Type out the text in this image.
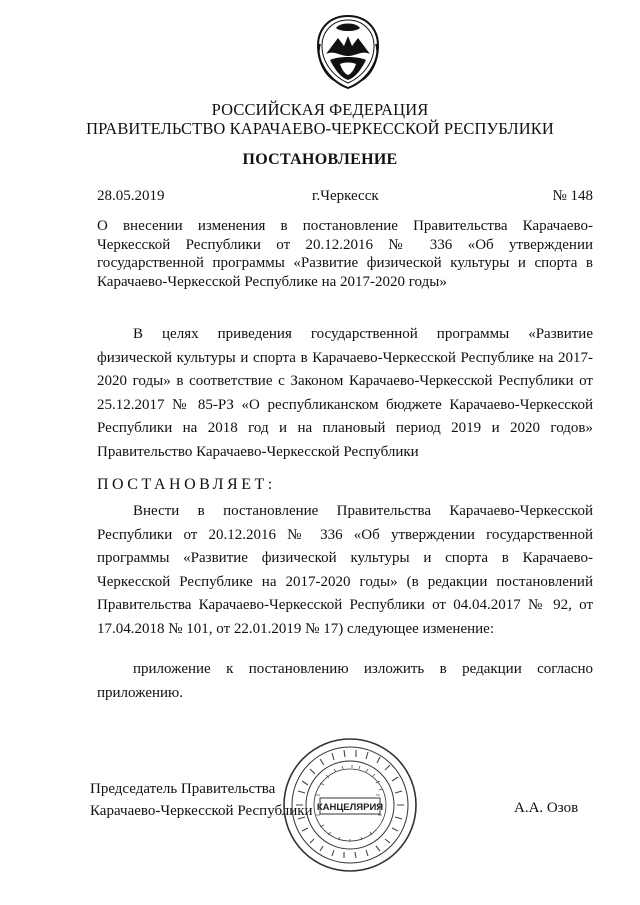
РОССИЙСКАЯ ФЕДЕРАЦИЯ
ПРАВИТЕЛЬСТВО КАРАЧАЕВО-ЧЕРКЕССКОЙ РЕСПУБЛИКИ
ПОСТАНОВЛЕНИЕ
28.05.2019	г.Черкесск	№ 148
О внесении изменения в постановление Правительства Карачаево-Черкесской Республики от 20.12.2016 № 336 «Об утверждении государственной программы «Развитие физической культуры и спорта в Карачаево-Черкесской Республике на 2017-2020 годы»
В целях приведения государственной программы «Развитие физической культуры и спорта в Карачаево-Черкесской Республике на 2017-2020 годы» в соответствие с Законом Карачаево-Черкесской Республики от 25.12.2017 № 85-РЗ «О республиканском бюджете Карачаево-Черкесской Республики на 2018 год и на плановый период 2019 и 2020 годов» Правительство Карачаево-Черкесской Республики
ПОСТАНОВЛЯЕТ:
Внести в постановление Правительства Карачаево-Черкесской Республики от 20.12.2016 № 336 «Об утверждении государственной программы «Развитие физической культуры и спорта в Карачаево-Черкесской Республике на 2017-2020 годы» (в редакции постановлений Правительства Карачаево-Черкесской Республики от 04.04.2017 № 92, от 17.04.2018 № 101, от 22.01.2019 № 17) следующее изменение:
приложение к постановлению изложить в редакции согласно приложению.
Председатель Правительства
Карачаево-Черкесской Республики	А.А. Озов
КАНЦЕЛЯРИЯ
